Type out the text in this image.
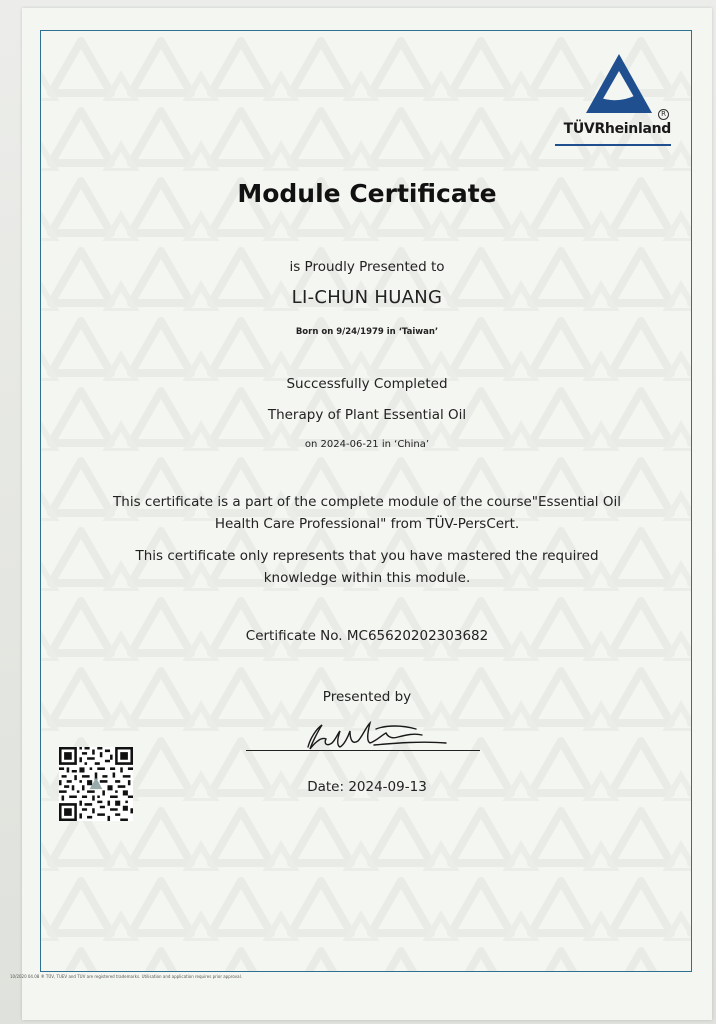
R
TÜVRheinland
Module Certificate
is Proudly Presented to
LI-CHUN HUANG
Born on 9/24/1979 in ‘Taiwan’
Successfully Completed
Therapy of Plant Essential Oil
on 2024-06-21 in ‘China’
This certificate is a part of the complete module of the course"Essential Oil Health Care Professional" from TÜV-PersCert.
This certificate only represents that you have mastered the required knowledge within this module.
Certificate No. MC65620202303682
Presented by
Date: 2024-09-13
10/2020 04.08 ® TÜV, TUEV and TUV are registered trademarks. Utilisation and application requires prior approval.
